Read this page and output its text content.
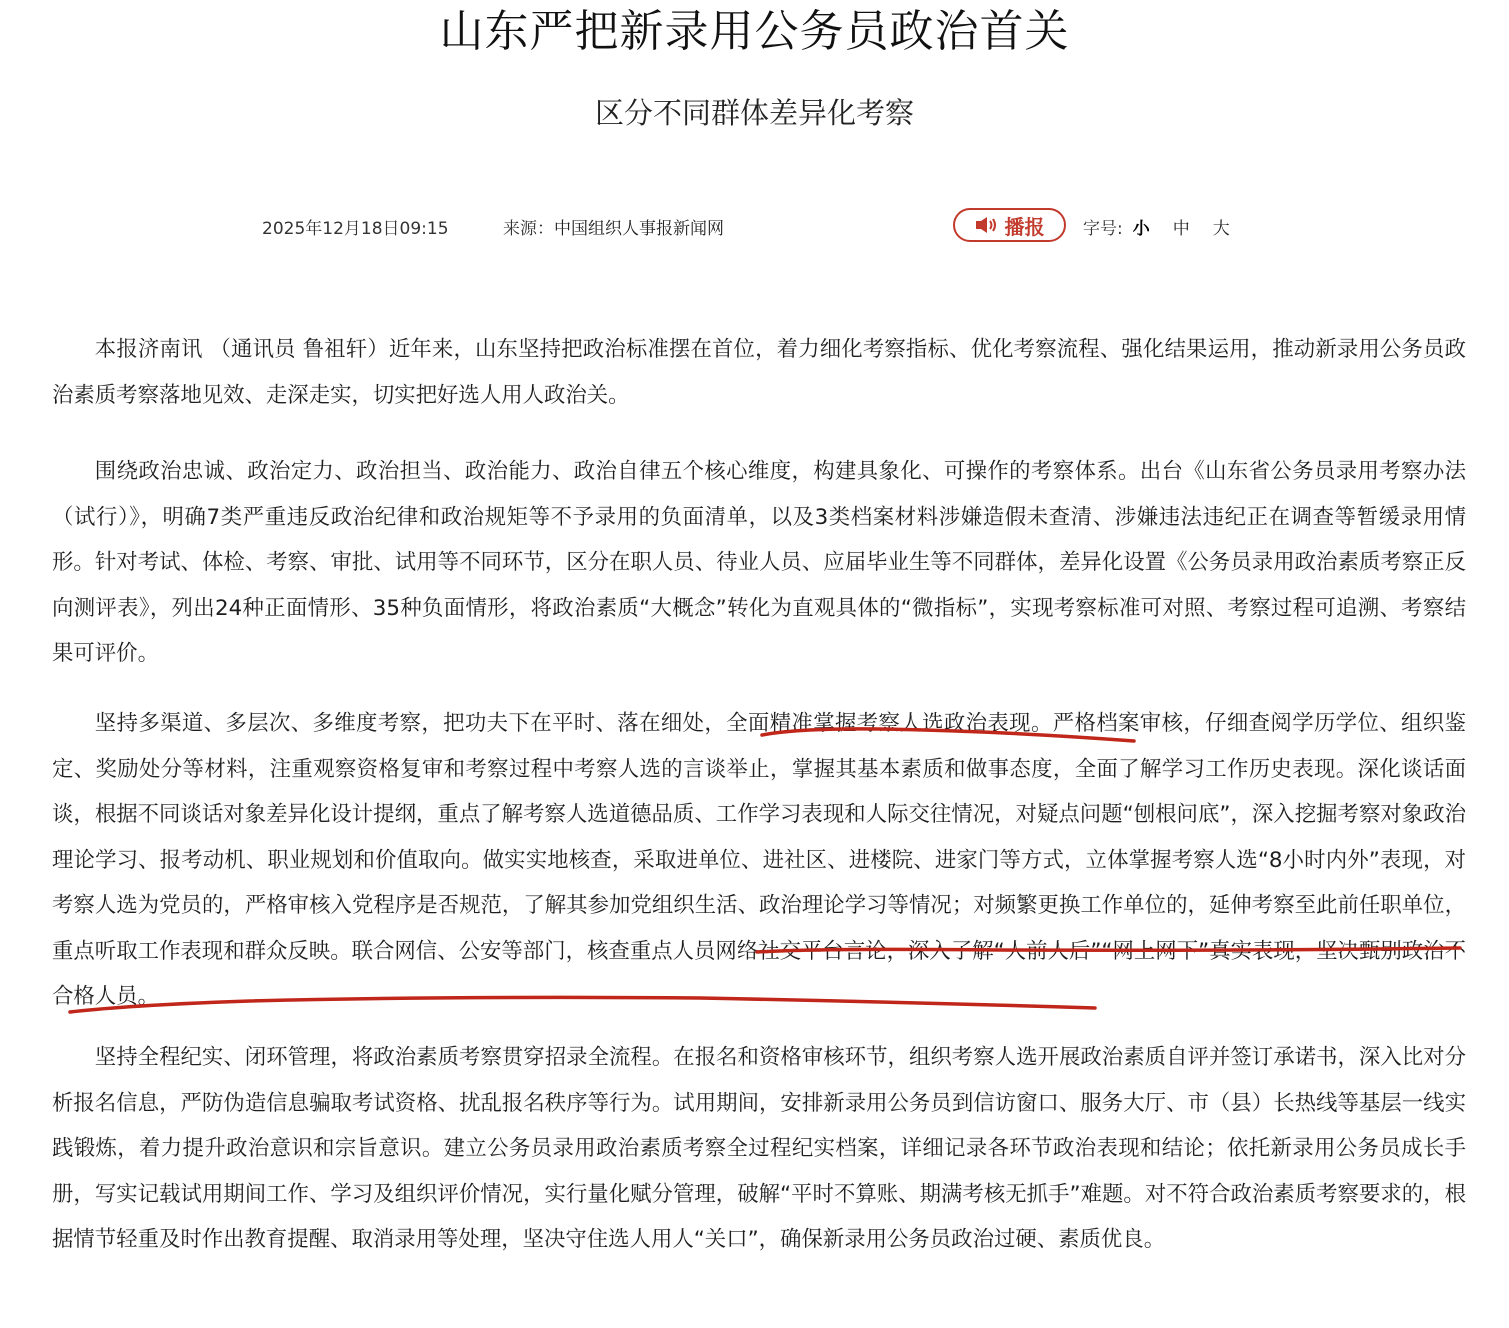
山东严把新录用公务员政治首关
区分不同群体差异化考察
2025年12月18日09:15	来源：中国组织人事报新闻网	播报 字号: 小	中	大

本报济南讯 （通讯员 鲁祖轩）近年来，山东坚持把政治标准摆在首位，着力细化考察指标、优化考察流程、强化结果运用，推动新录用公务员政治素质考察落地见效、走深走实，切实把好选人用人政治关。

围绕政治忠诚、政治定力、政治担当、政治能力、政治自律五个核心维度，构建具象化、可操作的考察体系。出台《山东省公务员录用考察办法（试行）》，明确7类严重违反政治纪律和政治规矩等不予录用的负面清单，以及3类档案材料涉嫌造假未查清、涉嫌违法违纪正在调查等暂缓录用情形。针对考试、体检、考察、审批、试用等不同环节，区分在职人员、待业人员、应届毕业生等不同群体，差异化设置《公务员录用政治素质考察正反向测评表》，列出24种正面情形、35种负面情形，将政治素质“大概念”转化为直观具体的“微指标”，实现考察标准可对照、考察过程可追溯、考察结果可评价。

坚持多渠道、多层次、多维度考察，把功夫下在平时、落在细处，全面精准掌握考察人选政治表现。严格档案审核，仔细查阅学历学位、组织鉴定、奖励处分等材料，注重观察资格复审和考察过程中考察人选的言谈举止，掌握其基本素质和做事态度，全面了解学习工作历史表现。深化谈话面谈，根据不同谈话对象差异化设计提纲，重点了解考察人选道德品质、工作学习表现和人际交往情况，对疑点问题“刨根问底”，深入挖掘考察对象政治理论学习、报考动机、职业规划和价值取向。做实实地核查，采取进单位、进社区、进楼院、进家门等方式，立体掌握考察人选“8小时内外”表现，对考察人选为党员的，严格审核入党程序是否规范，了解其参加党组织生活、政治理论学习等情况；对频繁更换工作单位的，延伸考察至此前任职单位，重点听取工作表现和群众反映。联合网信、公安等部门，核查重点人员网络社交平台言论，深入了解“人前人后”“网上网下”真实表现，坚决甄别政治不合格人员。

坚持全程纪实、闭环管理，将政治素质考察贯穿招录全流程。在报名和资格审核环节，组织考察人选开展政治素质自评并签订承诺书，深入比对分析报名信息，严防伪造信息骗取考试资格、扰乱报名秩序等行为。试用期间，安排新录用公务员到信访窗口、服务大厅、市（县）长热线等基层一线实践锻炼，着力提升政治意识和宗旨意识。建立公务员录用政治素质考察全过程纪实档案，详细记录各环节政治表现和结论；依托新录用公务员成长手册，写实记载试用期间工作、学习及组织评价情况，实行量化赋分管理，破解“平时不算账、期满考核无抓手”难题。对不符合政治素质考察要求的，根据情节轻重及时作出教育提醒、取消录用等处理，坚决守住选人用人“关口”，确保新录用公务员政治过硬、素质优良。
